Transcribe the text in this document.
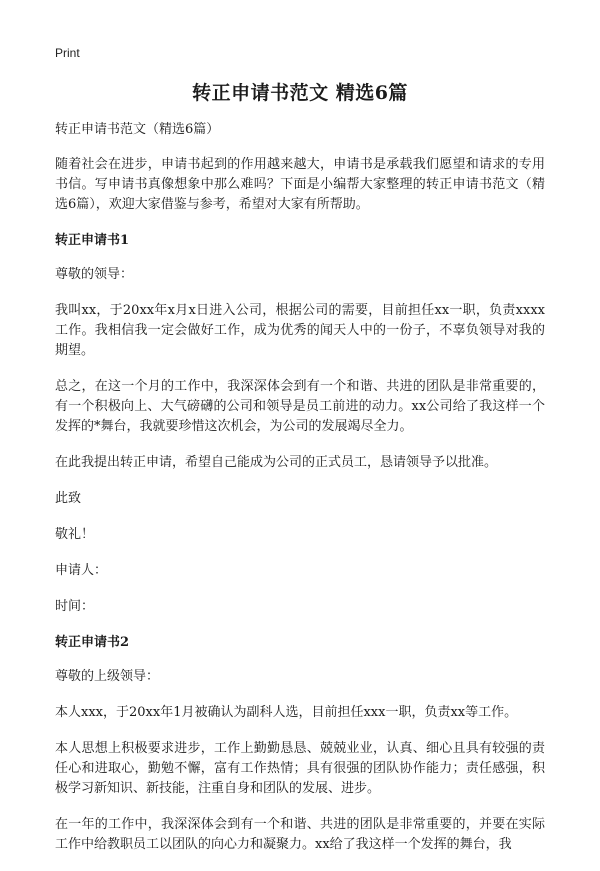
Print
转正申请书范文 精选6篇

转正申请书范文（精选6篇）

随着社会在进步，申请书起到的作用越来越大，申请书是承载我们愿望和请求的专用书信。写申请书真像想象中那么难吗？下面是小编帮大家整理的转正申请书范文（精选6篇），欢迎大家借鉴与参考，希望对大家有所帮助。

转正申请书1

尊敬的领导：

我叫xx，于20xx年x月x日进入公司，根据公司的需要，目前担任xx一职，负责xxxx工作。我相信我一定会做好工作，成为优秀的闻天人中的一份子，不辜负领导对我的期望。

总之，在这一个月的工作中，我深深体会到有一个和谐、共进的团队是非常重要的，有一个积极向上、大气磅礴的公司和领导是员工前进的动力。xx公司给了我这样一个发挥的*舞台，我就要珍惜这次机会，为公司的发展竭尽全力。

在此我提出转正申请，希望自己能成为公司的正式员工，恳请领导予以批准。

此致

敬礼！

申请人：

时间：

转正申请书2

尊敬的上级领导：

本人xxx，于20xx年1月被确认为副科人选，目前担任xxx一职，负责xx等工作。

本人思想上积极要求进步，工作上勤勤恳恳、兢兢业业，认真、细心且具有较强的责任心和进取心，勤勉不懈，富有工作热情；具有很强的团队协作能力；责任感强，积极学习新知识、新技能，注重自身和团队的发展、进步。

在一年的工作中，我深深体会到有一个和谐、共进的团队是非常重要的，并要在实际工作中给教职员工以团队的向心力和凝聚力。xx给了我这样一个发挥的舞台，我
